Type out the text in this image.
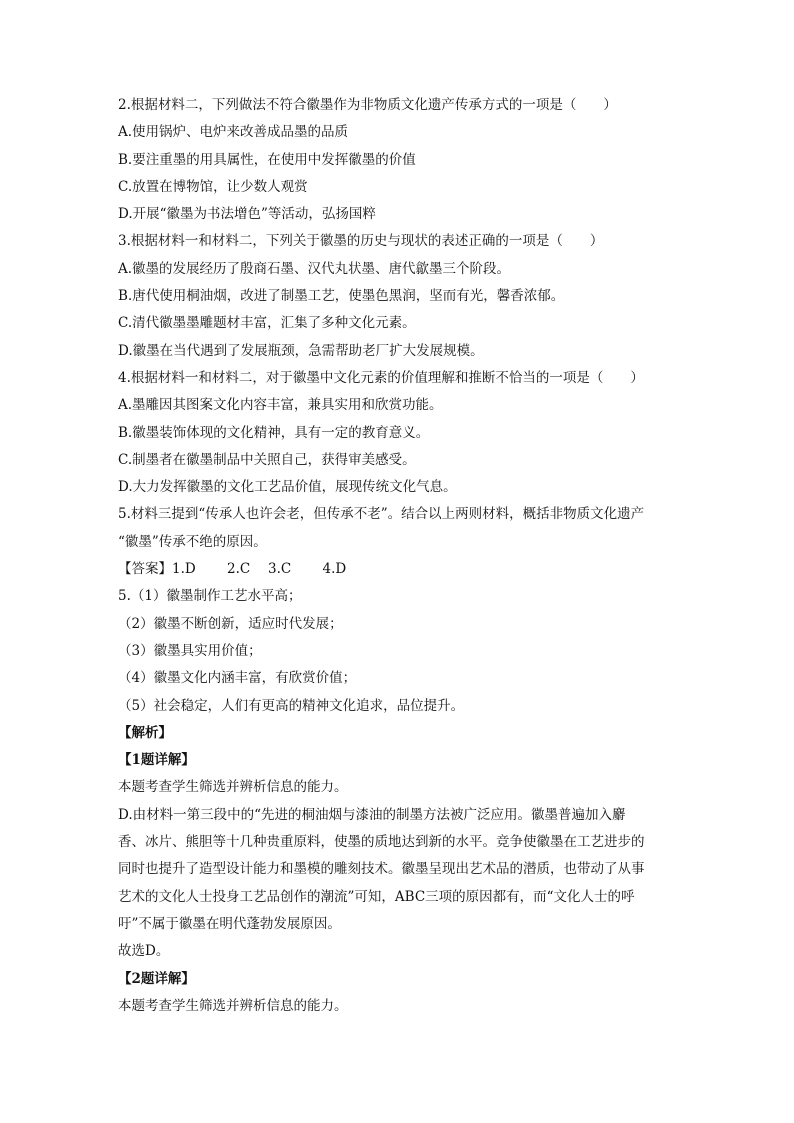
2.根据材料二，下列做法不符合徽墨作为非物质文化遗产传承方式的一项是（　　）
A.使用锅炉、电炉来改善成品墨的品质
B.要注重墨的用具属性，在使用中发挥徽墨的价值
C.放置在博物馆，让少数人观赏
D.开展“徽墨为书法增色”等活动，弘扬国粹
3.根据材料一和材料二，下列关于徽墨的历史与现状的表述正确的一项是（　　）
A.徽墨的发展经历了殷商石墨、汉代丸状墨、唐代歙墨三个阶段。
B.唐代使用桐油烟，改进了制墨工艺，使墨色黑润，坚而有光，馨香浓郁。
C.清代徽墨墨雕题材丰富，汇集了多种文化元素。
D.徽墨在当代遇到了发展瓶颈，急需帮助老厂扩大发展规模。
4.根据材料一和材料二，对于徽墨中文化元素的价值理解和推断不恰当的一项是（　　）
A.墨雕因其图案文化内容丰富，兼具实用和欣赏功能。
B.徽墨装饰体现的文化精神，具有一定的教育意义。
C.制墨者在徽墨制品中关照自己，获得审美感受。
D.大力发挥徽墨的文化工艺品价值，展现传统文化气息。
5.材料三提到“传承人也许会老，但传承不老”。结合以上两则材料，概括非物质文化遗产
“徽墨”传承不绝的原因。
【答案】1.D　　 2.C　 3.C　　 4.D
5.（1）徽墨制作工艺水平高；
（2）徽墨不断创新，适应时代发展；
（3）徽墨具实用价值；
（4）徽墨文化内涵丰富，有欣赏价值；
（5）社会稳定，人们有更高的精神文化追求，品位提升。
【解析】
【1题详解】
本题考查学生筛选并辨析信息的能力。
D.由材料一第三段中的“先进的桐油烟与漆油的制墨方法被广泛应用。徽墨普遍加入麝
香、冰片、熊胆等十几种贵重原料，使墨的质地达到新的水平。竞争使徽墨在工艺进步的
同时也提升了造型设计能力和墨模的雕刻技术。徽墨呈现出艺术品的潜质，也带动了从事
艺术的文化人士投身工艺品创作的潮流”可知，ABC三项的原因都有，而“文化人士的呼
吁”不属于徽墨在明代蓬勃发展原因。
故选D。
【2题详解】
本题考查学生筛选并辨析信息的能力。
